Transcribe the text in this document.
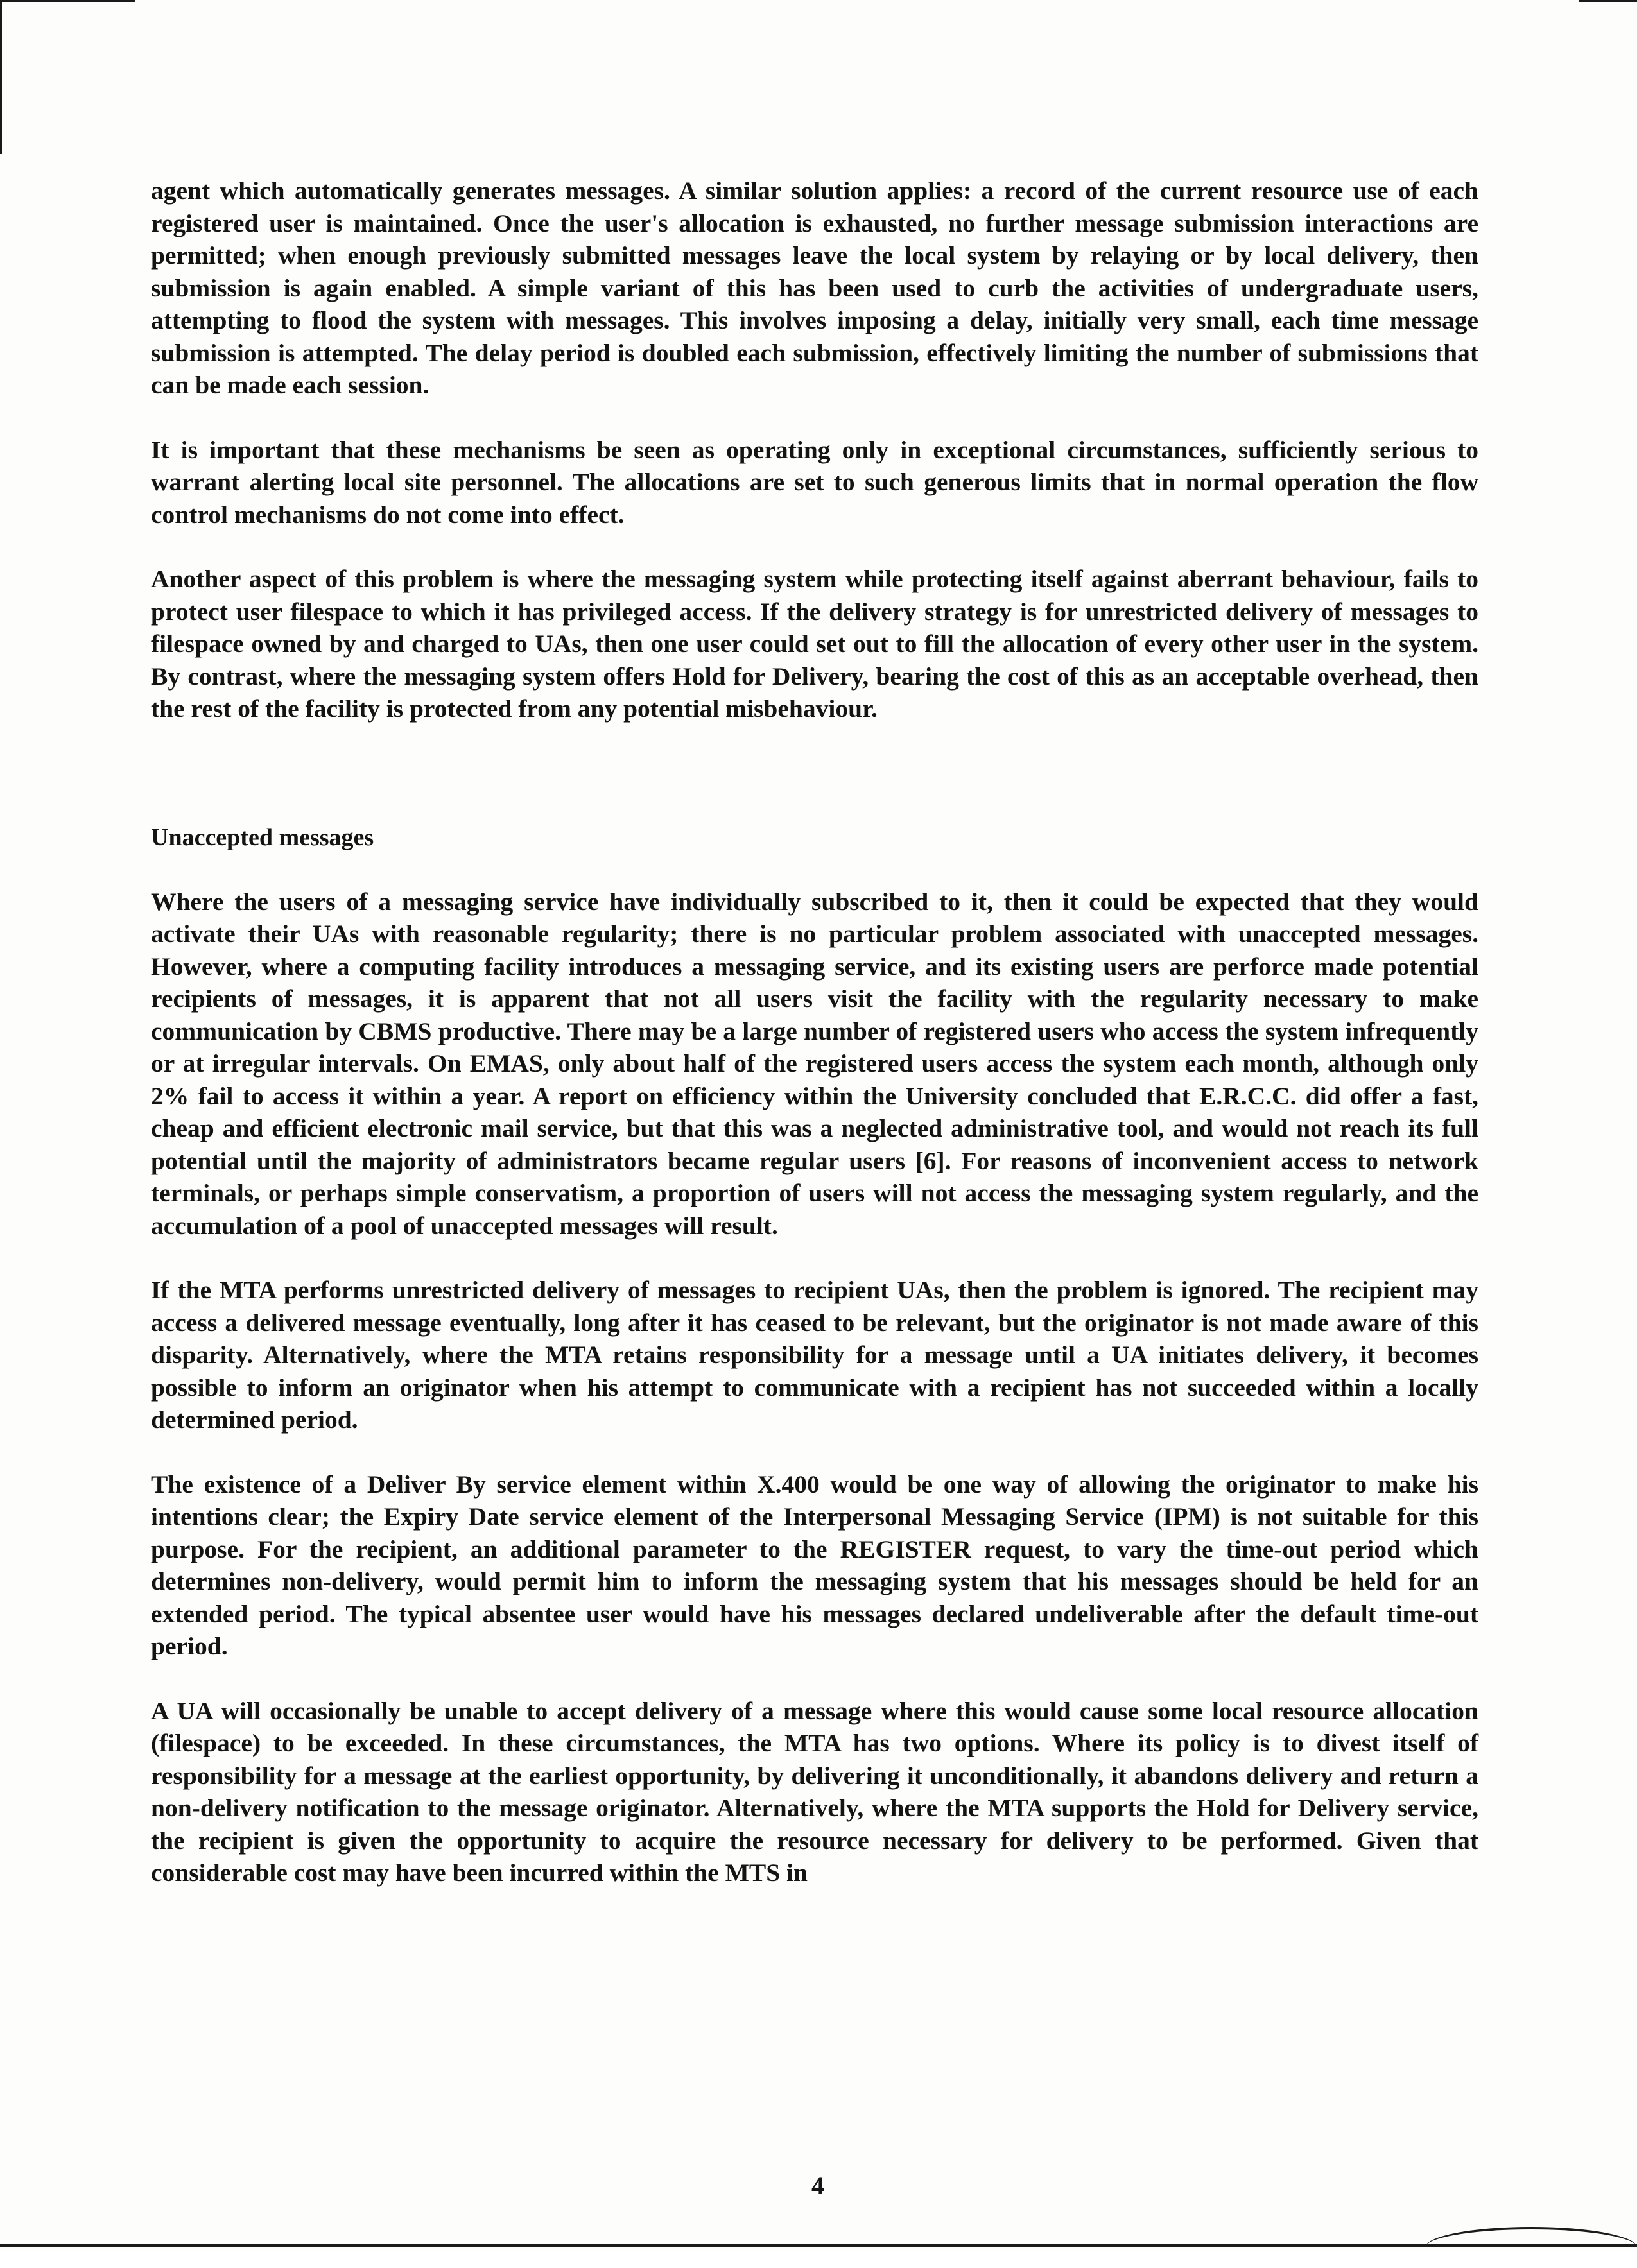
agent which automatically generates messages. A similar solution applies: a record of the current resource use of each registered user is maintained. Once the user's allocation is exhausted, no further message submission interactions are permitted; when enough previously submitted messages leave the local system by relaying or by local delivery, then submission is again enabled. A simple variant of this has been used to curb the activities of undergraduate users, attempting to flood the system with messages. This involves imposing a delay, initially very small, each time message submission is attempted. The delay period is doubled each submission, effectively limiting the number of submissions that can be made each session.

It is important that these mechanisms be seen as operating only in exceptional circumstances, sufficiently serious to warrant alerting local site personnel. The allocations are set to such generous limits that in normal operation the flow control mechanisms do not come into effect.

Another aspect of this problem is where the messaging system while protecting itself against aberrant behaviour, fails to protect user filespace to which it has privileged access. If the delivery strategy is for unrestricted delivery of messages to filespace owned by and charged to UAs, then one user could set out to fill the allocation of every other user in the system. By contrast, where the messaging system offers Hold for Delivery, bearing the cost of this as an acceptable overhead, then the rest of the facility is protected from any potential misbehaviour.

Unaccepted messages

Where the users of a messaging service have individually subscribed to it, then it could be expected that they would activate their UAs with reasonable regularity; there is no particular problem associated with unaccepted messages. However, where a computing facility introduces a messaging service, and its existing users are perforce made potential recipients of messages, it is apparent that not all users visit the facility with the regularity necessary to make communication by CBMS productive. There may be a large number of registered users who access the system infrequently or at irregular intervals. On EMAS, only about half of the registered users access the system each month, although only 2% fail to access it within a year. A report on efficiency within the University concluded that E.R.C.C. did offer a fast, cheap and efficient electronic mail service, but that this was a neglected administrative tool, and would not reach its full potential until the majority of administrators became regular users [6]. For reasons of inconvenient access to network terminals, or perhaps simple conservatism, a proportion of users will not access the messaging system regularly, and the accumulation of a pool of unaccepted messages will result.

If the MTA performs unrestricted delivery of messages to recipient UAs, then the problem is ignored. The recipient may access a delivered message eventually, long after it has ceased to be relevant, but the originator is not made aware of this disparity. Alternatively, where the MTA retains responsibility for a message until a UA initiates delivery, it becomes possible to inform an originator when his attempt to communicate with a recipient has not succeeded within a locally determined period.

The existence of a Deliver By service element within X.400 would be one way of allowing the originator to make his intentions clear; the Expiry Date service element of the Interpersonal Messaging Service (IPM) is not suitable for this purpose. For the recipient, an additional parameter to the REGISTER request, to vary the time-out period which determines non-delivery, would permit him to inform the messaging system that his messages should be held for an extended period. The typical absentee user would have his messages declared undeliverable after the default time-out period.

A UA will occasionally be unable to accept delivery of a message where this would cause some local resource allocation (filespace) to be exceeded. In these circumstances, the MTA has two options. Where its policy is to divest itself of responsibility for a message at the earliest opportunity, by delivering it unconditionally, it abandons delivery and return a non-delivery notification to the message originator. Alternatively, where the MTA supports the Hold for Delivery service, the recipient is given the opportunity to acquire the resource necessary for delivery to be performed. Given that considerable cost may have been incurred within the MTS in

4
